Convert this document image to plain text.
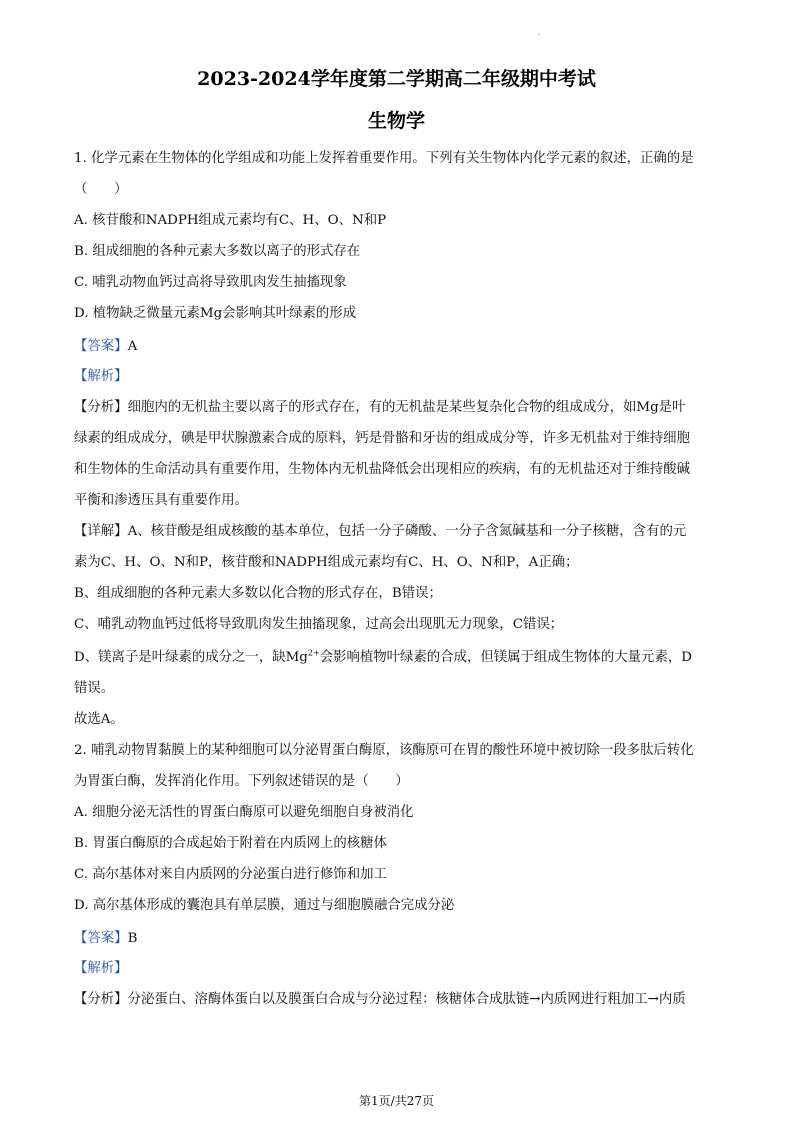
.
2023-2024学年度第二学期高二年级期中考试
生物学
1. 化学元素在生物体的化学组成和功能上发挥着重要作用。下列有关生物体内化学元素的叙述，正确的是
（　　）
A. 核苷酸和NADPH组成元素均有C、H、O、N和P
B. 组成细胞的各种元素大多数以离子的形式存在
C. 哺乳动物血钙过高将导致肌肉发生抽搐现象
D. 植物缺乏微量元素Mg会影响其叶绿素的形成
【答案】A
【解析】
【分析】细胞内的无机盐主要以离子的形式存在，有的无机盐是某些复杂化合物的组成成分，如Mg是叶
绿素的组成成分，碘是甲状腺激素合成的原料，钙是骨骼和牙齿的组成成分等，许多无机盐对于维持细胞
和生物体的生命活动具有重要作用，生物体内无机盐降低会出现相应的疾病，有的无机盐还对于维持酸碱
平衡和渗透压具有重要作用。
【详解】A、核苷酸是组成核酸的基本单位，包括一分子磷酸、一分子含氮碱基和一分子核糖，含有的元
素为C、H、O、N和P，核苷酸和NADPH组成元素均有C、H、O、N和P，A正确；
B、组成细胞的各种元素大多数以化合物的形式存在，B错误；
C、哺乳动物血钙过低将导致肌肉发生抽搐现象，过高会出现肌无力现象，C错误；
D、镁离子是叶绿素的成分之一，缺$Mg^{2+}$会影响植物叶绿素的合成，但镁属于组成生物体的大量元素，D
错误。
故选A。
2. 哺乳动物胃黏膜上的某种细胞可以分泌胃蛋白酶原，该酶原可在胃的酸性环境中被切除一段多肽后转化
为胃蛋白酶，发挥消化作用。下列叙述错误的是（　　）
A. 细胞分泌无活性的胃蛋白酶原可以避免细胞自身被消化
B. 胃蛋白酶原的合成起始于附着在内质网上的核糖体
C. 高尔基体对来自内质网的分泌蛋白进行修饰和加工
D. 高尔基体形成的囊泡具有单层膜，通过与细胞膜融合完成分泌
【答案】B
【解析】
【分析】分泌蛋白、溶酶体蛋白以及膜蛋白合成与分泌过程：核糖体合成肽链→内质网进行粗加工→内质
第1页/共27页
